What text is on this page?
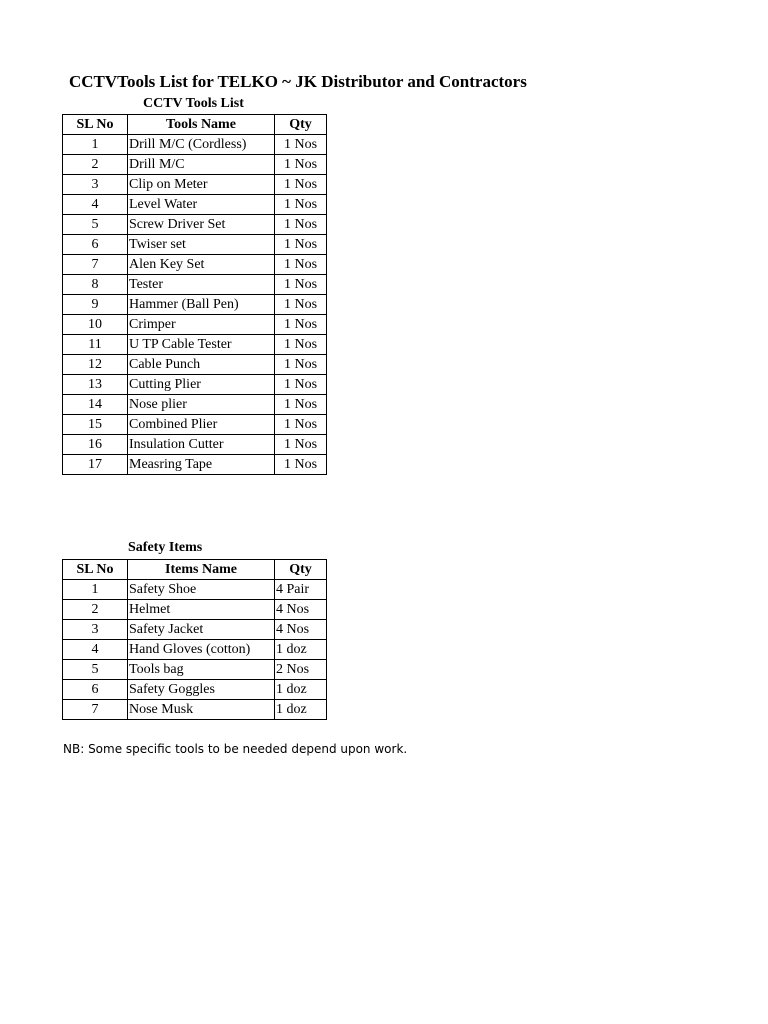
CCTVTools List for TELKO ~ JK Distributor and Contractors
CCTV Tools List
SL No	Tools Name	Qty
1	Drill M/C (Cordless)	1 Nos
2	Drill M/C	1 Nos
3	Clip on Meter	1 Nos
4	Level Water	1 Nos
5	Screw Driver Set	1 Nos
6	Twiser set	1 Nos
7	Alen Key Set	1 Nos
8	Tester	1 Nos
9	Hammer (Ball Pen)	1 Nos
10	Crimper	1 Nos
11	U TP Cable Tester	1 Nos
12	Cable Punch	1 Nos
13	Cutting Plier	1 Nos
14	Nose plier	1 Nos
15	Combined Plier	1 Nos
16	Insulation Cutter	1 Nos
17	Measring Tape	1 Nos
Safety Items
SL No	Items Name	Qty
1	Safety Shoe	4 Pair
2	Helmet	4 Nos
3	Safety Jacket	4 Nos
4	Hand Gloves (cotton)	1 doz
5	Tools bag	2 Nos
6	Safety Goggles	1 doz
7	Nose Musk	1 doz
NB: Some specific tools to be needed depend upon work.
